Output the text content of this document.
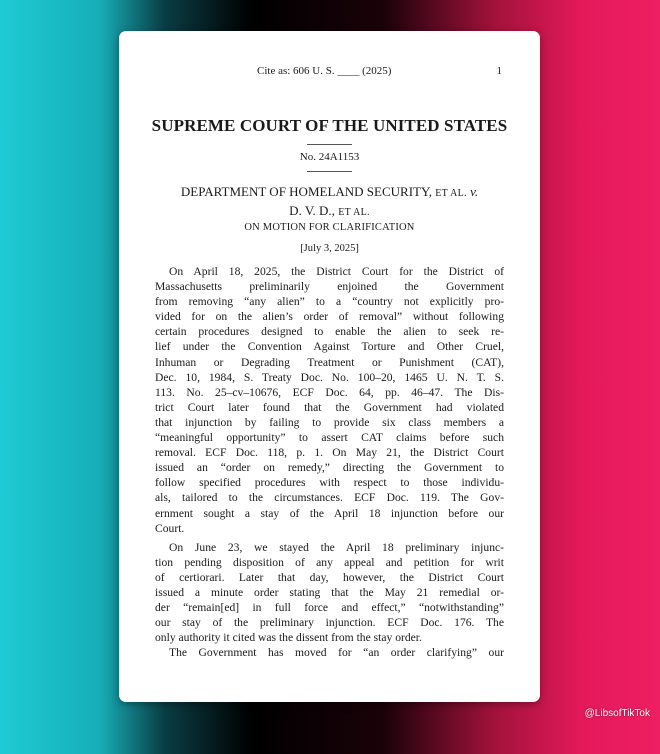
Cite as: 606 U. S. ____ (2025)	1
SUPREME COURT OF THE UNITED STATES
No. 24A1153
DEPARTMENT OF HOMELAND SECURITY, ET AL. v.
D. V. D., ET AL.
ON MOTION FOR CLARIFICATION
[July 3, 2025]
On April 18, 2025, the District Court for the District of
Massachusetts preliminarily enjoined the Government
from removing “any alien” to a “country not explicitly pro-
vided for on the alien’s order of removal” without following
certain procedures designed to enable the alien to seek re-
lief under the Convention Against Torture and Other Cruel,
Inhuman or Degrading Treatment or Punishment (CAT),
Dec. 10, 1984, S. Treaty Doc. No. 100–20, 1465 U. N. T. S.
113. No. 25–cv–10676, ECF Doc. 64, pp. 46–47. The Dis-
trict Court later found that the Government had violated
that injunction by failing to provide six class members a
“meaningful opportunity” to assert CAT claims before such
removal. ECF Doc. 118, p. 1. On May 21, the District Court
issued an “order on remedy,” directing the Government to
follow specified procedures with respect to those individu-
als, tailored to the circumstances. ECF Doc. 119. The Gov-
ernment sought a stay of the April 18 injunction before our
Court.
On June 23, we stayed the April 18 preliminary injunc-
tion pending disposition of any appeal and petition for writ
of certiorari. Later that day, however, the District Court
issued a minute order stating that the May 21 remedial or-
der “remain[ed] in full force and effect,” “notwithstanding”
our stay of the preliminary injunction. ECF Doc. 176. The
only authority it cited was the dissent from the stay order.
The Government has moved for “an order clarifying” our
@LibsofTikTok
